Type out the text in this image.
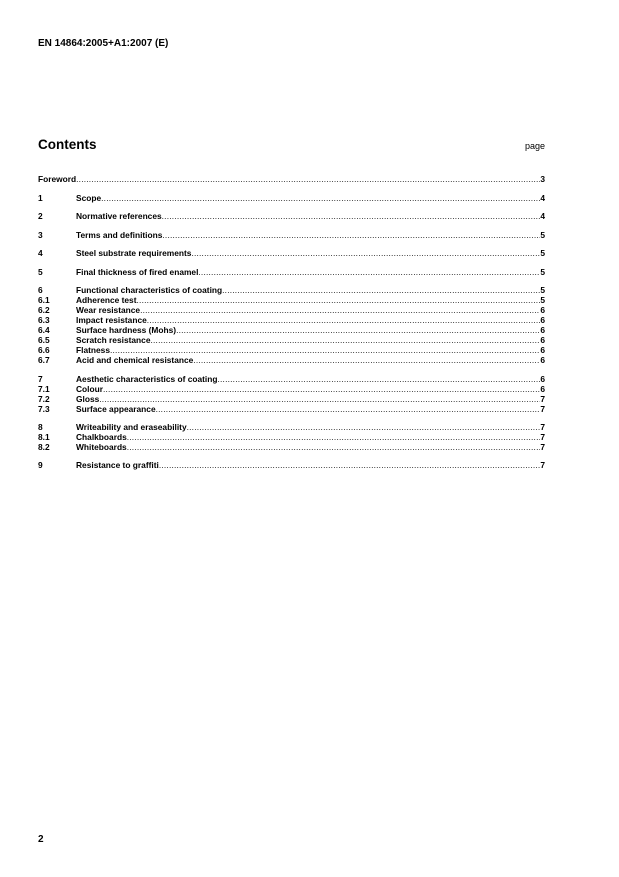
EN 14864:2005+A1:2007 (E)
Contents	page
Foreword .....	3
1	Scope .....	4
2	Normative references .....	4
3	Terms and definitions .....	5
4	Steel substrate requirements .....	5
5	Final thickness of fired enamel .....	5
6	Functional characteristics of coating .....	5
6.1	Adherence test .....	5
6.2	Wear resistance .....	6
6.3	Impact resistance .....	6
6.4	Surface hardness (Mohs) .....	6
6.5	Scratch resistance .....	6
6.6	Flatness .....	6
6.7	Acid and chemical resistance .....	6
7	Aesthetic characteristics of coating .....	6
7.1	Colour .....	6
7.2	Gloss .....	7
7.3	Surface appearance .....	7
8	Writeability and eraseability .....	7
8.1	Chalkboards .....	7
8.2	Whiteboards .....	7
9	Resistance to graffiti .....	7
2
